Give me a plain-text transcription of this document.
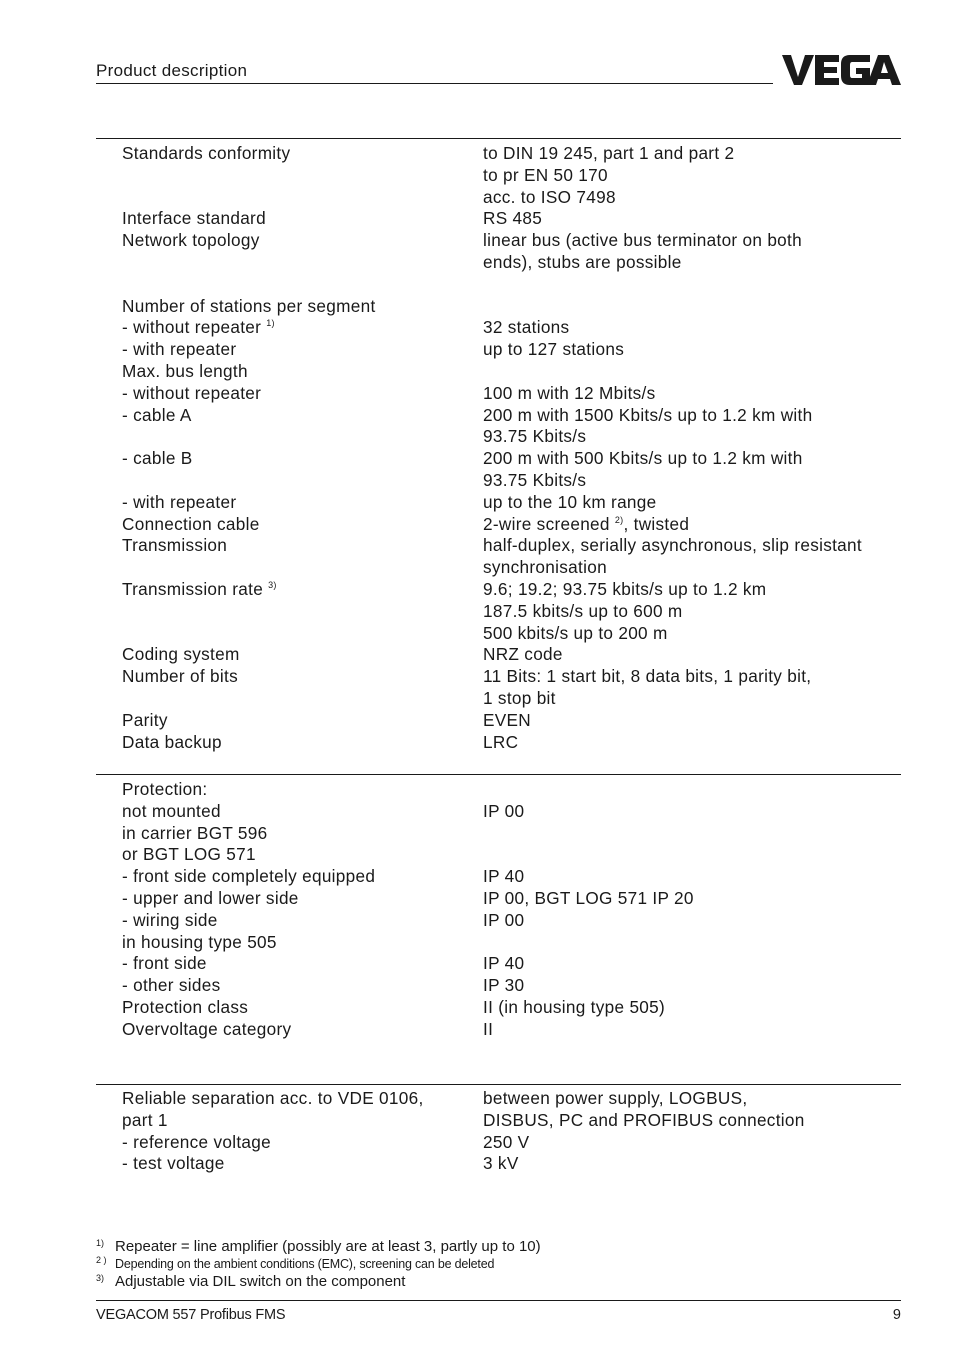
Product description
Standards conformity	to DIN 19 245, part 1 and part 2
to pr EN 50 170
acc. to ISO 7498
Interface standard	RS 485
Network topology	linear bus (active bus terminator on both
ends), stubs are possible

Number of stations per segment
- without repeater $^{1)}$	32 stations
- with repeater	up to 127 stations
Max. bus length
- without repeater	100 m with 12 Mbits/s
- cable A	200 m with 1500 Kbits/s up to 1.2 km with
93.75 Kbits/s
- cable B	200 m with 500 Kbits/s up to 1.2 km with
93.75 Kbits/s
- with repeater	up to the 10 km range
Connection cable	2-wire screened $^{2)}$, twisted
Transmission	half-duplex, serially asynchronous, slip resistant
synchronisation
Transmission rate $^{3)}$	9.6; 19.2; 93.75 kbits/s up to 1.2 km
187.5 kbits/s up to 600 m
500 kbits/s up to 200 m
Coding system	NRZ code
Number of bits	11 Bits: 1 start bit, 8 data bits, 1 parity bit,
1 stop bit
Parity	EVEN
Data backup	LRC
Protection:
not mounted	IP 00
in carrier BGT 596
or BGT LOG 571
- front side completely equipped	IP 40
- upper and lower side	IP 00, BGT LOG 571 IP 20
- wiring side	IP 00
in housing type 505
- front side	IP 40
- other sides	IP 30
Protection class	II (in housing type 505)
Overvoltage category	II
Reliable separation acc. to VDE 0106,	between power supply, LOGBUS,
part 1	DISBUS, PC and PROFIBUS connection
- reference voltage	250 V
- test voltage	3 kV
1) Repeater = line amplifier (possibly are at least 3, partly up to 10)
2 ) Depending on the ambient conditions (EMC), screening can be deleted
3) Adjustable via DIL switch on the component
VEGACOM 557 Profibus FMS	9
